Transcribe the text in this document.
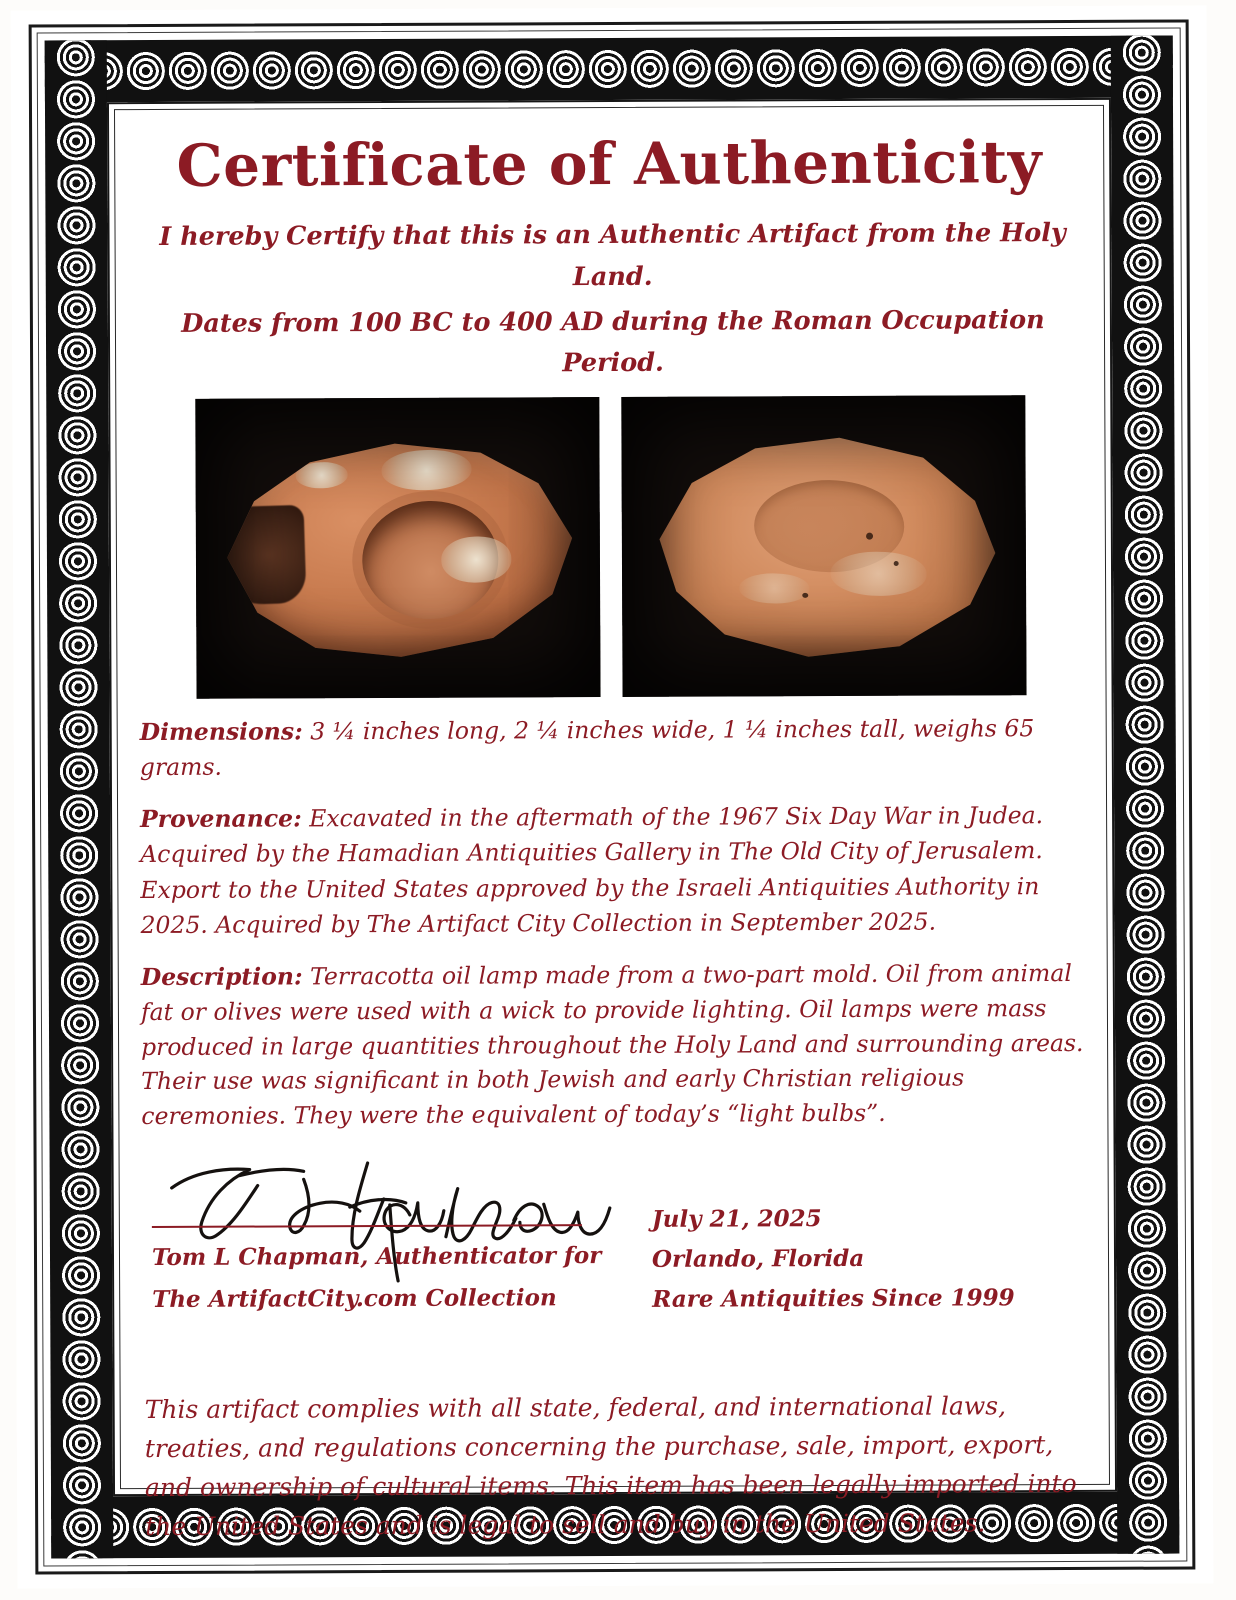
Certificate of Authenticity
I hereby Certify that this is an Authentic Artifact from the Holy Land.
Dates from 100 BC to 400 AD during the Roman Occupation Period.
Dimensions: 3 ¼ inches long, 2 ¼ inches wide, 1 ¼ inches tall, weighs 65 grams.
Provenance: Excavated in the aftermath of the 1967 Six Day War in Judea. Acquired by the Hamadian Antiquities Gallery in The Old City of Jerusalem. Export to the United States approved by the Israeli Antiquities Authority in 2025. Acquired by The Artifact City Collection in September 2025.
Description: Terracotta oil lamp made from a two-part mold. Oil from animal fat or olives were used with a wick to provide lighting. Oil lamps were mass produced in large quantities throughout the Holy Land and surrounding areas. Their use was significant in both Jewish and early Christian religious ceremonies. They were the equivalent of today’s “light bulbs”.
Tom L Chapman, Authenticator for
The ArtifactCity.com Collection
July 21, 2025
Orlando, Florida
Rare Antiquities Since 1999
This artifact complies with all state, federal, and international laws, treaties, and regulations concerning the purchase, sale, import, export, and ownership of cultural items. This item has been legally imported into the United States and is legal to sell and buy in the United States.
